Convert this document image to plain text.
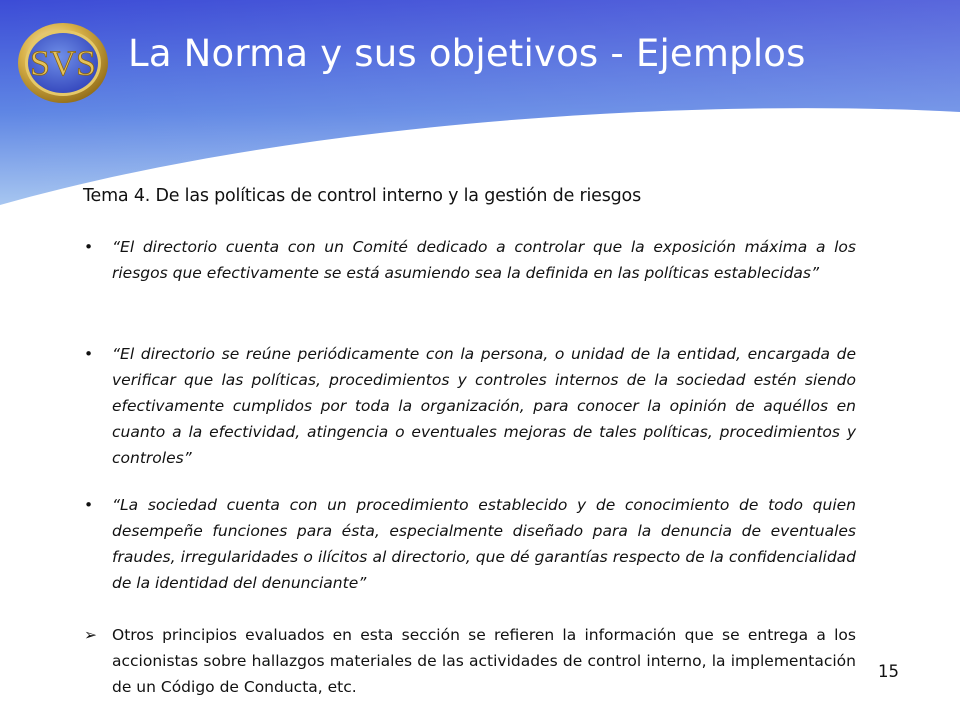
SVS La Norma y sus objetivos - Ejemplos

Tema 4. De las políticas de control interno y la gestión de riesgos

•	“El directorio cuenta con un Comité dedicado a controlar que la exposición máxima a los riesgos que efectivamente se está asumiendo sea la definida en las políticas establecidas”
•	“El directorio se reúne periódicamente con la persona, o unidad de la entidad, encargada de verificar que las políticas, procedimientos y controles internos de la sociedad estén siendo efectivamente cumplidos por toda la organización, para conocer la opinión de aquéllos en cuanto a la efectividad, atingencia o eventuales mejoras de tales políticas, procedimientos y controles”
•	“La sociedad cuenta con un procedimiento establecido y de conocimiento de todo quien desempeñe funciones para ésta, especialmente diseñado para la denuncia de eventuales fraudes, irregularidades o ilícitos al directorio, que dé garantías respecto de la confidencialidad de la identidad del denunciante”
➢ Otros principios evaluados en esta sección se refieren la información que se entrega a los accionistas sobre hallazgos materiales de las actividades de control interno, la implementación de un Código de Conducta, etc.
15
